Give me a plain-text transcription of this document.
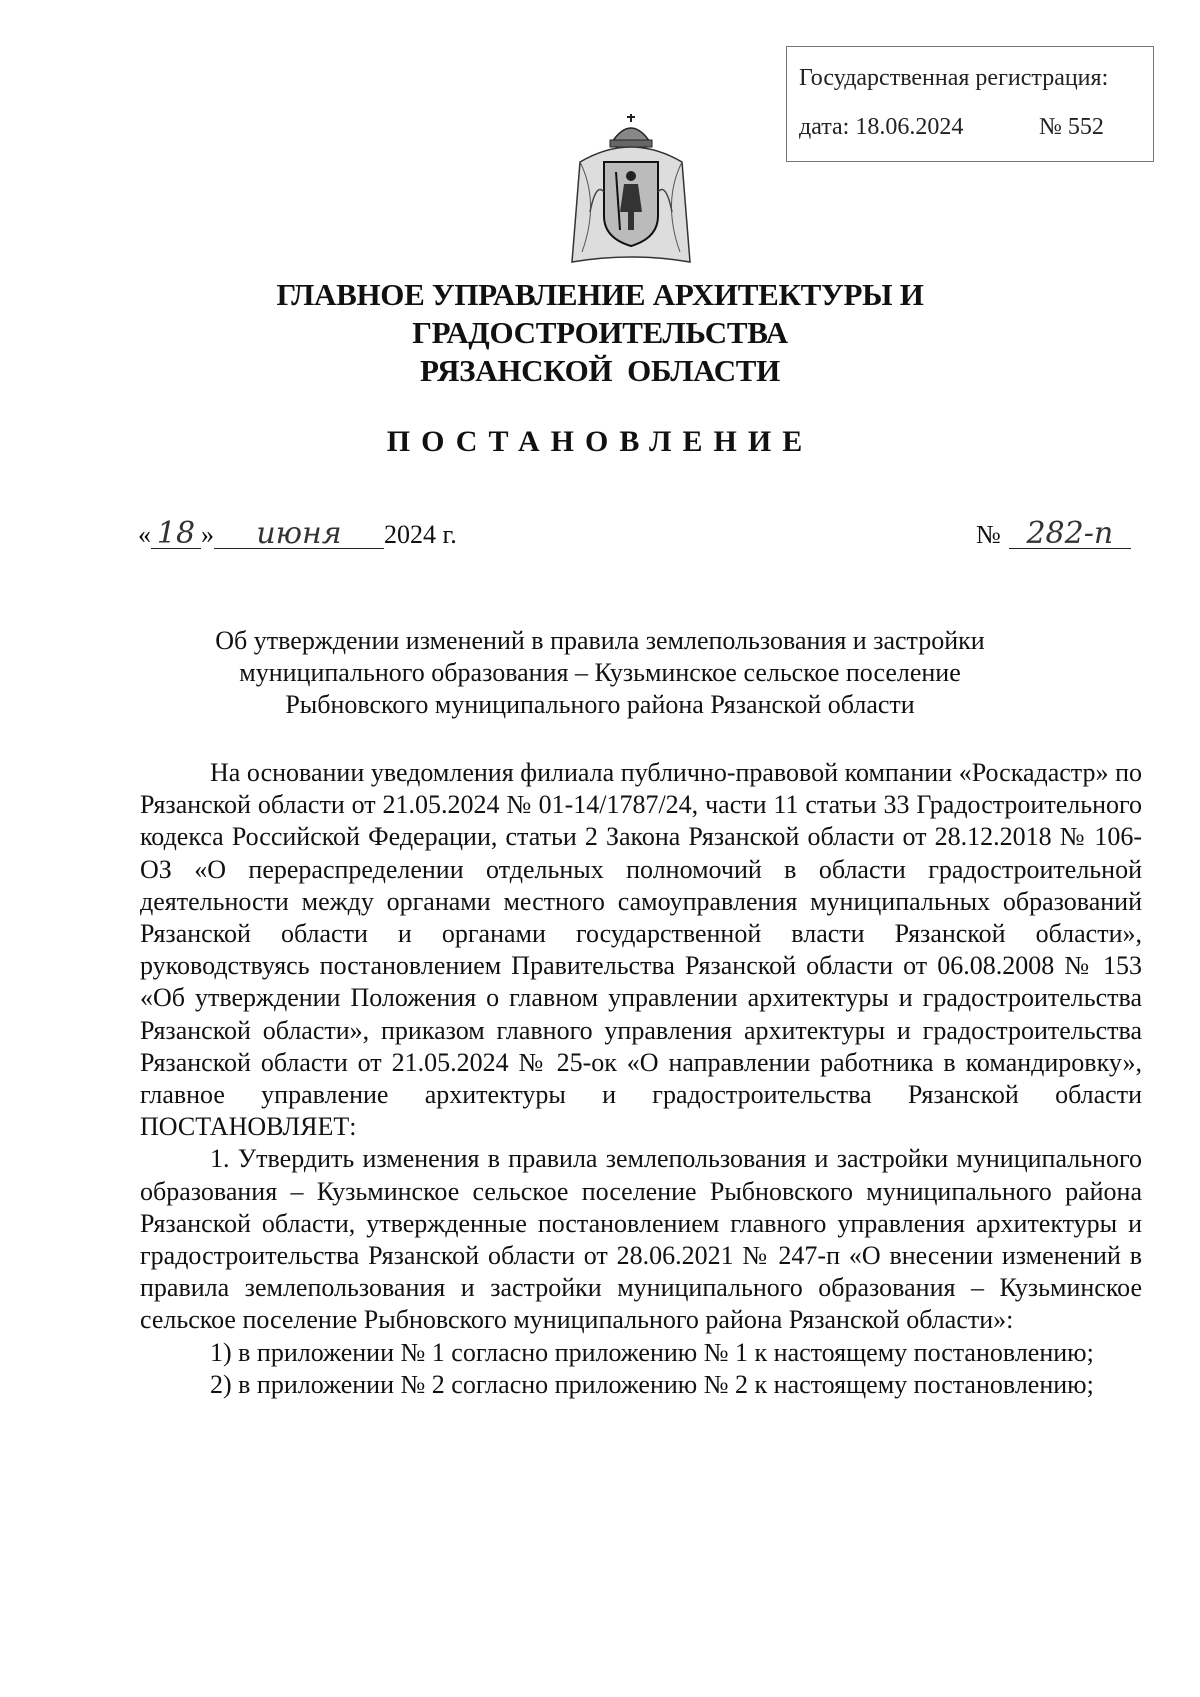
Государственная регистрация:
дата: 18.06.2024	№ 552
ГЛАВНОЕ УПРАВЛЕНИЕ АРХИТЕКТУРЫ И ГРАДОСТРОИТЕЛЬСТВА
РЯЗАНСКОЙ  ОБЛАСТИ
ПОСТАНОВЛЕНИЕ
« 18 » июня 2024 г.	№ 282-п
Об утверждении изменений в правила землепользования и застройки
муниципального образования – Кузьминское сельское поселение
Рыбновского муниципального района Рязанской области

На основании уведомления филиала публично-правовой компании «Роскадастр» по Рязанской области от 21.05.2024 № 01-14/1787/24, части 11 статьи 33 Градостроительного кодекса Российской Федерации, статьи 2 Закона Рязанской области от 28.12.2018 № 106-ОЗ «О перераспределении отдельных полномочий в области градостроительной деятельности между органами местного самоуправления муниципальных образований Рязанской области и органами государственной власти Рязанской области», руководствуясь постановлением Правительства Рязанской области от 06.08.2008 № 153 «Об утверждении Положения о главном управлении архитектуры и градостроительства Рязанской области», приказом главного управления архитектуры и градостроительства Рязанской области от 21.05.2024 № 25-ок «О направлении работника в командировку», главное управление архитектуры и градостроительства Рязанской области ПОСТАНОВЛЯЕТ:

1. Утвердить изменения в правила землепользования и застройки муниципального образования – Кузьминское сельское поселение Рыбновского муниципального района Рязанской области, утвержденные постановлением главного управления архитектуры и градостроительства Рязанской области от 28.06.2021 № 247-п «О внесении изменений в правила землепользования и застройки муниципального образования – Кузьминское сельское поселение Рыбновского муниципального района Рязанской области»:

1) в приложении № 1 согласно приложению № 1 к настоящему постановлению;

2) в приложении № 2 согласно приложению № 2 к настоящему постановлению;
